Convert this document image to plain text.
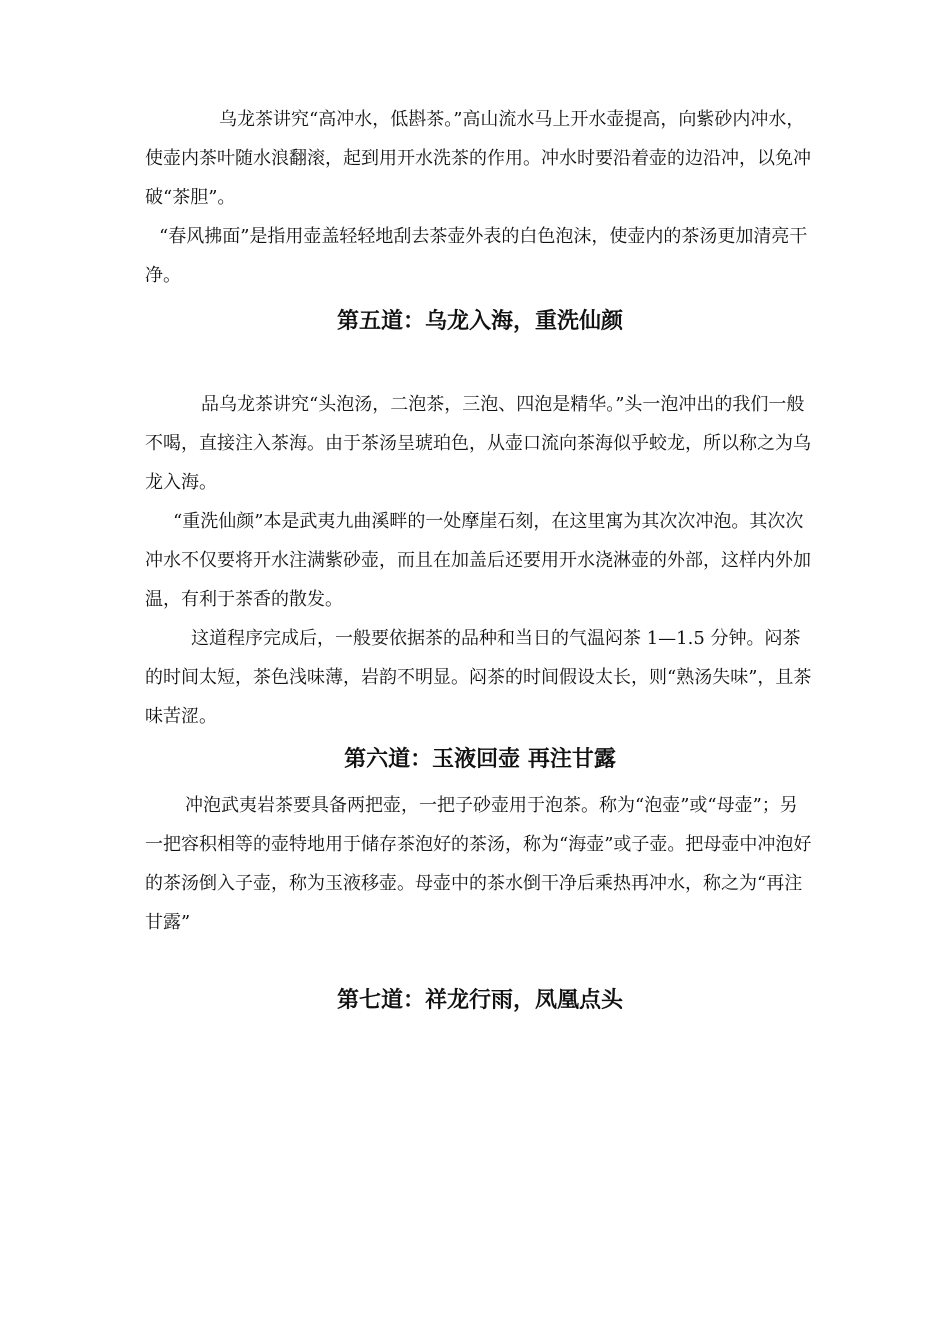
乌龙茶讲究“高冲水，低斟茶。”高山流水马上开水壶提高，向紫砂内冲水，使壶内茶叶随水浪翻滚，起到用开水洗茶的作用。冲水时要沿着壶的边沿冲，以免冲破“茶胆”。

“春风拂面”是指用壶盖轻轻地刮去茶壶外表的白色泡沫，使壶内的茶汤更加清亮干净。

第五道：乌龙入海，重洗仙颜

品乌龙茶讲究“头泡汤，二泡茶，三泡、四泡是精华。”头一泡冲出的我们一般不喝，直接注入茶海。由于茶汤呈琥珀色，从壶口流向茶海似乎蛟龙，所以称之为乌龙入海。

“重洗仙颜”本是武夷九曲溪畔的一处摩崖石刻，在这里寓为其次次冲泡。其次次冲水不仅要将开水注满紫砂壶，而且在加盖后还要用开水浇淋壶的外部，这样内外加温，有利于茶香的散发。

这道程序完成后，一般要依据茶的品种和当日的气温闷茶 1—1.5 分钟。闷茶的时间太短，茶色浅味薄，岩韵不明显。闷茶的时间假设太长，则“熟汤失味”，且茶味苦涩。

第六道：玉液回壶 再注甘露

冲泡武夷岩茶要具备两把壶，一把子砂壶用于泡茶。称为“泡壶”或“母壶”；另一把容积相等的壶特地用于储存茶泡好的茶汤，称为“海壶”或子壶。把母壶中冲泡好的茶汤倒入子壶，称为玉液移壶。母壶中的茶水倒干净后乘热再冲水，称之为“再注甘露”

第七道：祥龙行雨，凤凰点头
